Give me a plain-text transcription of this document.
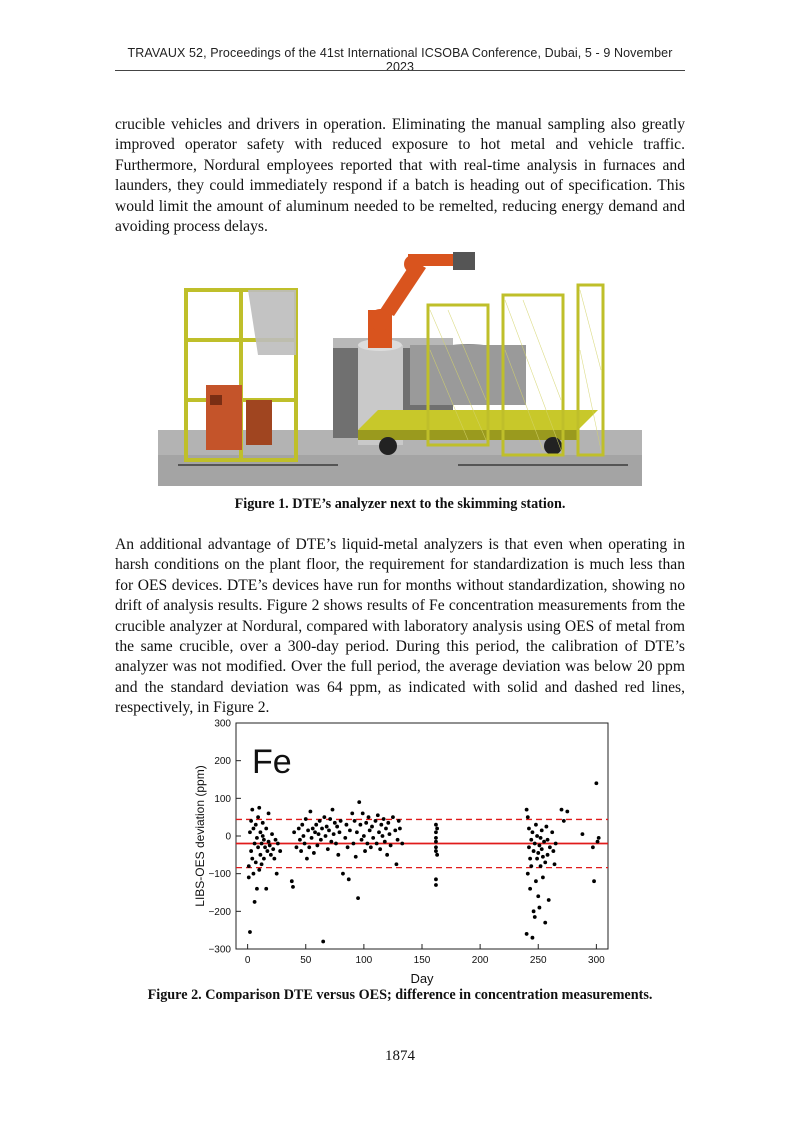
TRAVAUX 52, Proceedings of the 41st International ICSOBA Conference, Dubai, 5 - 9 November 2023

crucible vehicles and drivers in operation. Eliminating the manual sampling also greatly improved operator safety with reduced exposure to hot metal and vehicle traffic. Furthermore, Nordural employees reported that with real-time analysis in furnaces and launders, they could immediately respond if a batch is heading out of specification. This would limit the amount of aluminum needed to be remelted, reducing energy demand and avoiding process delays.

Figure 1. DTE’s analyzer next to the skimming station.

An additional advantage of DTE’s liquid-metal analyzers is that even when operating in harsh conditions on the plant floor, the requirement for standardization is much less than for OES devices. DTE’s devices have run for months without standardization, showing no drift of analysis results. Figure 2 shows results of Fe concentration measurements from the crucible analyzer at Nordural, compared with laboratory analysis using OES of metal from the same crucible, over a 300-day period. During this period, the calibration of DTE’s analyzer was not modified. Over the full period, the average deviation was below 20 ppm and the standard deviation was 64 ppm, as indicated with solid and dashed red lines, respectively, in Figure 2.

300
200
100
0
−100
−200
−300
0	50	100	150	200	250	300
Fe
Day
LIBS-OES deviation (ppm)
Figure 2. Comparison DTE versus OES; difference in concentration measurements.
1874
